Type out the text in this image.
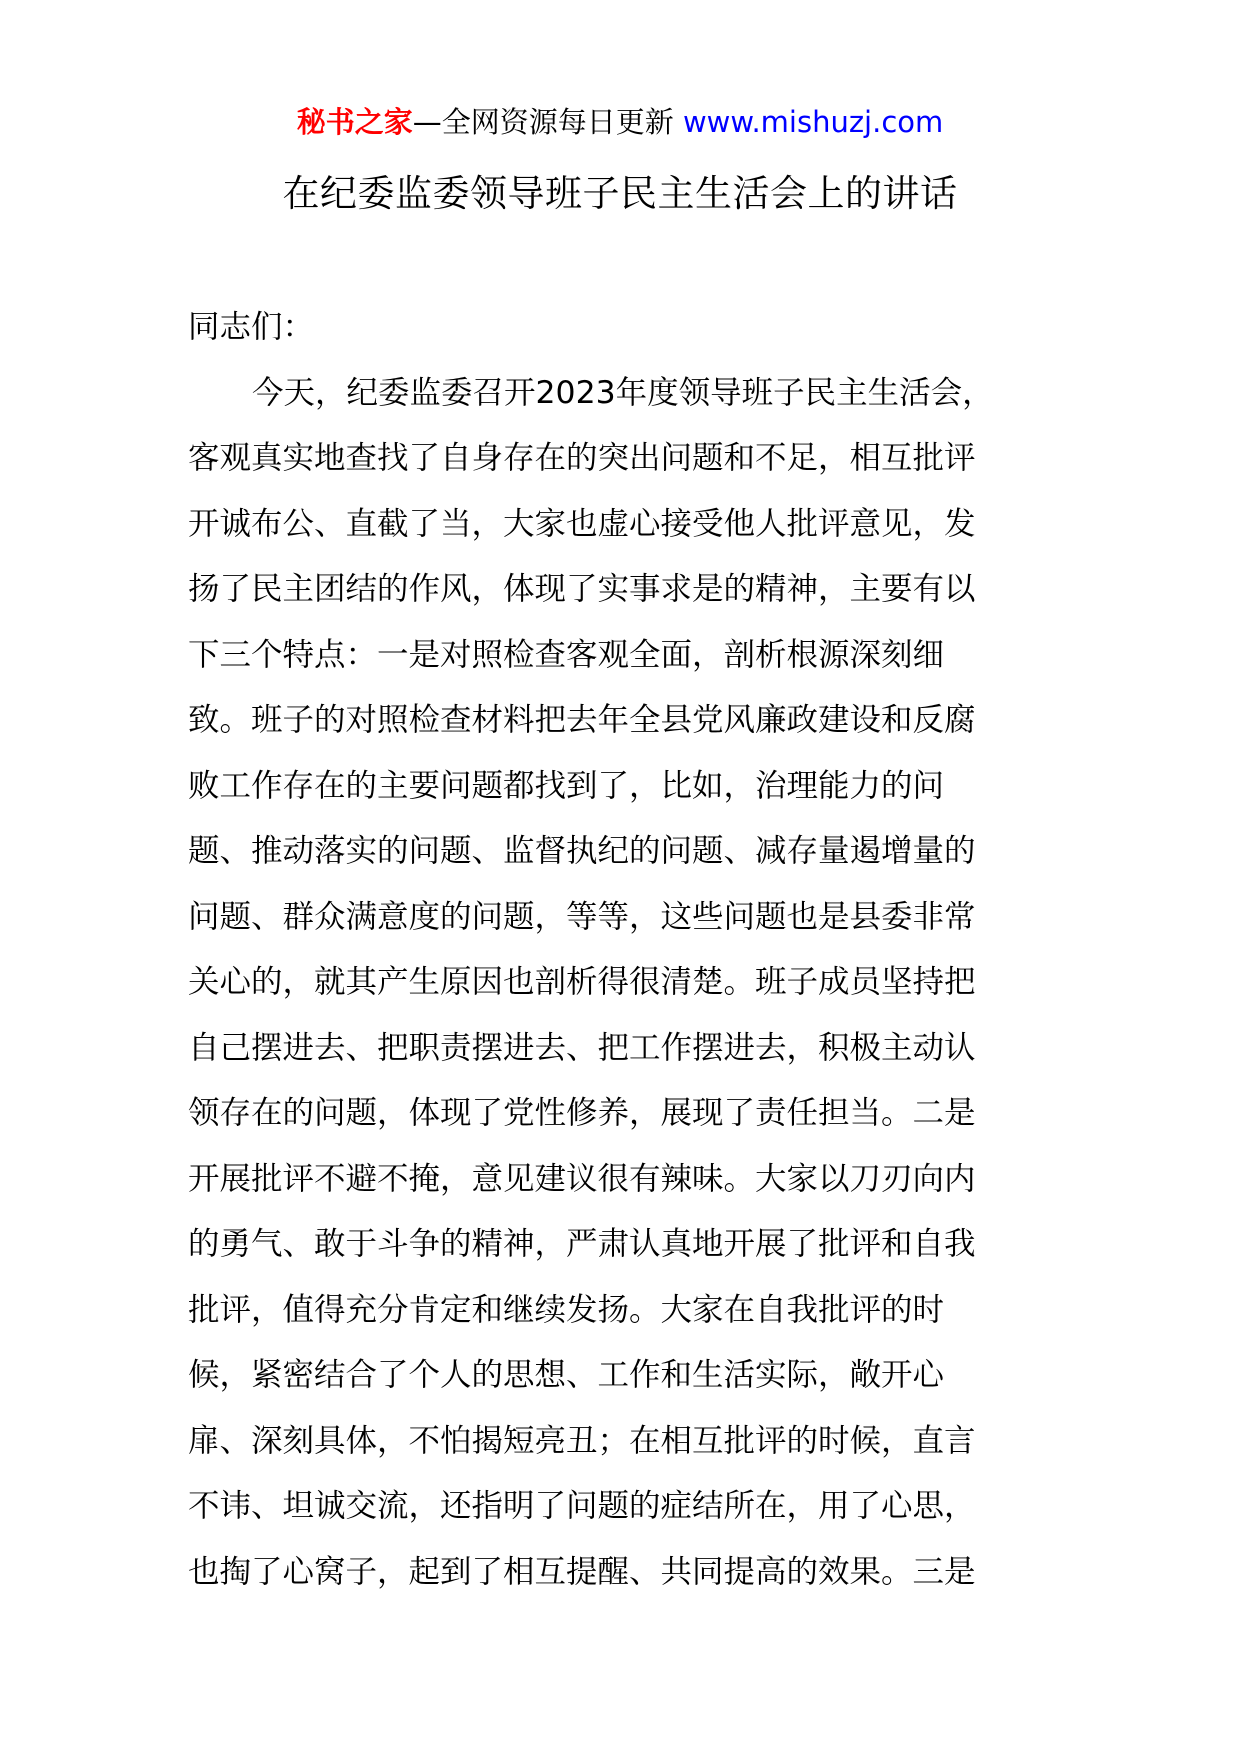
秘书之家—全网资源每日更新 www.mishuzj.com
在纪委监委领导班子民主生活会上的讲话
同志们：
今天，纪委监委召开2023年度领导班子民主生活会，
客观真实地查找了自身存在的突出问题和不足，相互批评
开诚布公、直截了当，大家也虚心接受他人批评意见，发
扬了民主团结的作风，体现了实事求是的精神，主要有以
下三个特点：一是对照检查客观全面，剖析根源深刻细
致。班子的对照检查材料把去年全县党风廉政建设和反腐
败工作存在的主要问题都找到了，比如，治理能力的问
题、推动落实的问题、监督执纪的问题、减存量遏增量的
问题、群众满意度的问题，等等，这些问题也是县委非常
关心的，就其产生原因也剖析得很清楚。班子成员坚持把
自己摆进去、把职责摆进去、把工作摆进去，积极主动认
领存在的问题，体现了党性修养，展现了责任担当。二是
开展批评不避不掩，意见建议很有辣味。大家以刀刃向内
的勇气、敢于斗争的精神，严肃认真地开展了批评和自我
批评，值得充分肯定和继续发扬。大家在自我批评的时
候，紧密结合了个人的思想、工作和生活实际，敞开心
扉、深刻具体，不怕揭短亮丑；在相互批评的时候，直言
不讳、坦诚交流，还指明了问题的症结所在，用了心思，
也掏了心窝子，起到了相互提醒、共同提高的效果。三是
